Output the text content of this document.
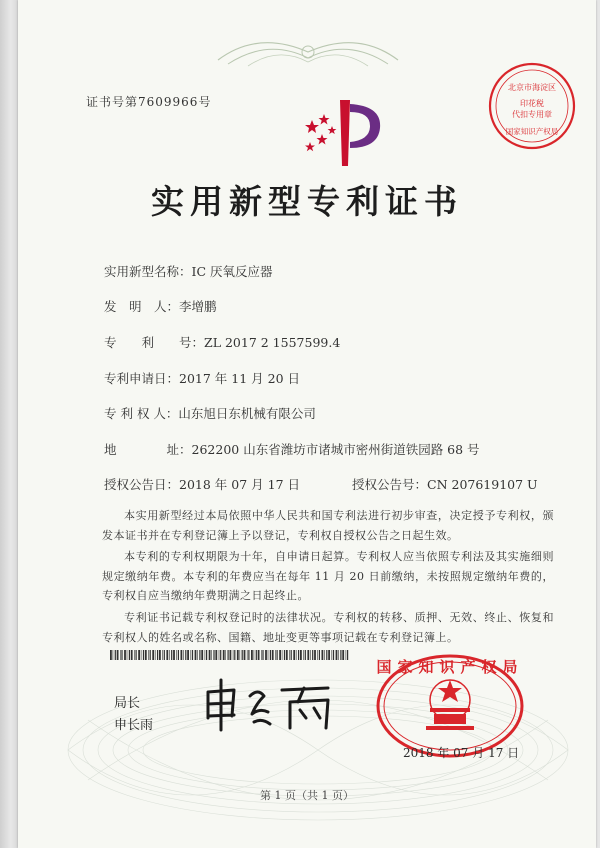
证书号第7609966号
北京市海淀区
印花税
代扣专用章
国家知识产权局
实用新型专利证书
实用新型名称：IC 厌氧反应器
发　明　人：李增鹏
专　　利　　号：ZL 2017 2 1557599.4
专利申请日：2017 年 11 月 20 日
专 利 权 人：山东旭日东机械有限公司
地　　　　址：262200 山东省潍坊市诸城市密州街道铁园路 68 号
授权公告日：2018 年 07 月 17 日	授权公告号：CN 207619107 U

本实用新型经过本局依照中华人民共和国专利法进行初步审查，决定授予专利权，颁发本证书并在专利登记簿上予以登记，专利权自授权公告之日起生效。

本专利的专利权期限为十年，自申请日起算。专利权人应当依照专利法及其实施细则规定缴纳年费。本专利的年费应当在每年 11 月 20 日前缴纳，未按照规定缴纳年费的，专利权自应当缴纳年费期满之日起终止。

专利证书记载专利权登记时的法律状况。专利权的转移、质押、无效、终止、恢复和专利权人的姓名或名称、国籍、地址变更等事项记载在专利登记簿上。

局长
申长雨
国家知识产权局
2018 年 07 月 17 日
第 1 页（共 1 页）
